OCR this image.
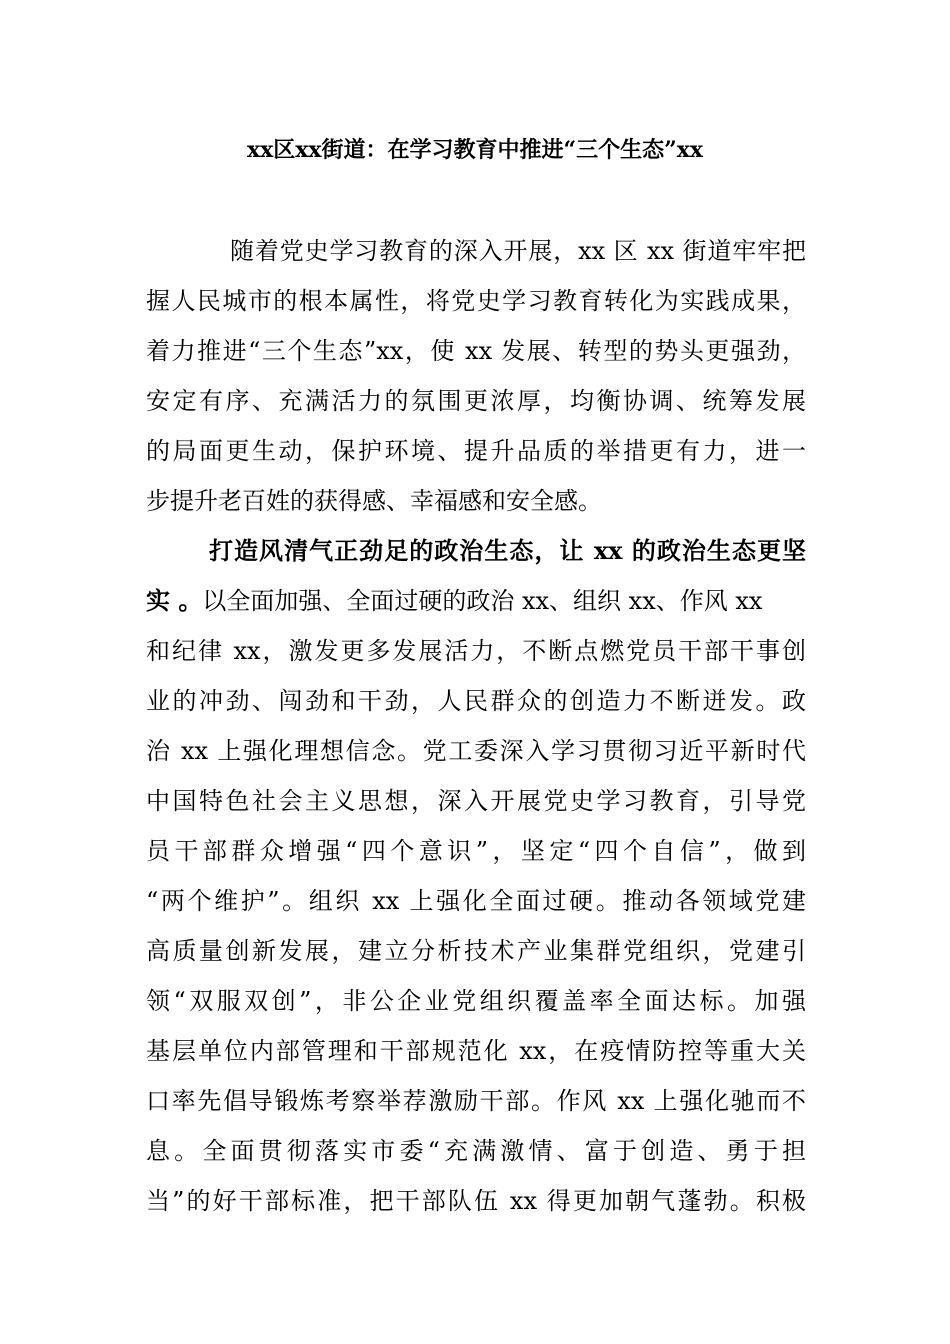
xx区xx街道：在学习教育中推进“三个生态”xx
随着党史学习教育的深入开展，xx 区 xx 街道牢牢把
握人民城市的根本属性，将党史学习教育转化为实践成果，
着力推进“三个生态”xx，使 xx 发展、转型的势头更强劲，
安定有序、充满活力的氛围更浓厚，均衡协调、统筹发展
的局面更生动，保护环境、提升品质的举措更有力，进一
步提升老百姓的获得感、幸福感和安全感。
打造风清气正劲足的政治生态，让 xx 的政治生态更坚
实 。以全面加强、全面过硬的政治 xx、组织 xx、作风 xx
和纪律 xx，激发更多发展活力，不断点燃党员干部干事创
业的冲劲、闯劲和干劲，人民群众的创造力不断迸发。政
治 xx 上强化理想信念。党工委深入学习贯彻习近平新时代
中国特色社会主义思想，深入开展党史学习教育，引导党
员干部群众增强“四个意识”，坚定“四个自信”，做到
“两个维护”。组织 xx 上强化全面过硬。推动各领域党建
高质量创新发展，建立分析技术产业集群党组织，党建引
领“双服双创”，非公企业党组织覆盖率全面达标。加强
基层单位内部管理和干部规范化 xx，在疫情防控等重大关
口率先倡导锻炼考察举荐激励干部。作风 xx 上强化驰而不
息。全面贯彻落实市委“充满激情、富于创造、勇于担
当”的好干部标准，把干部队伍 xx 得更加朝气蓬勃。积极
